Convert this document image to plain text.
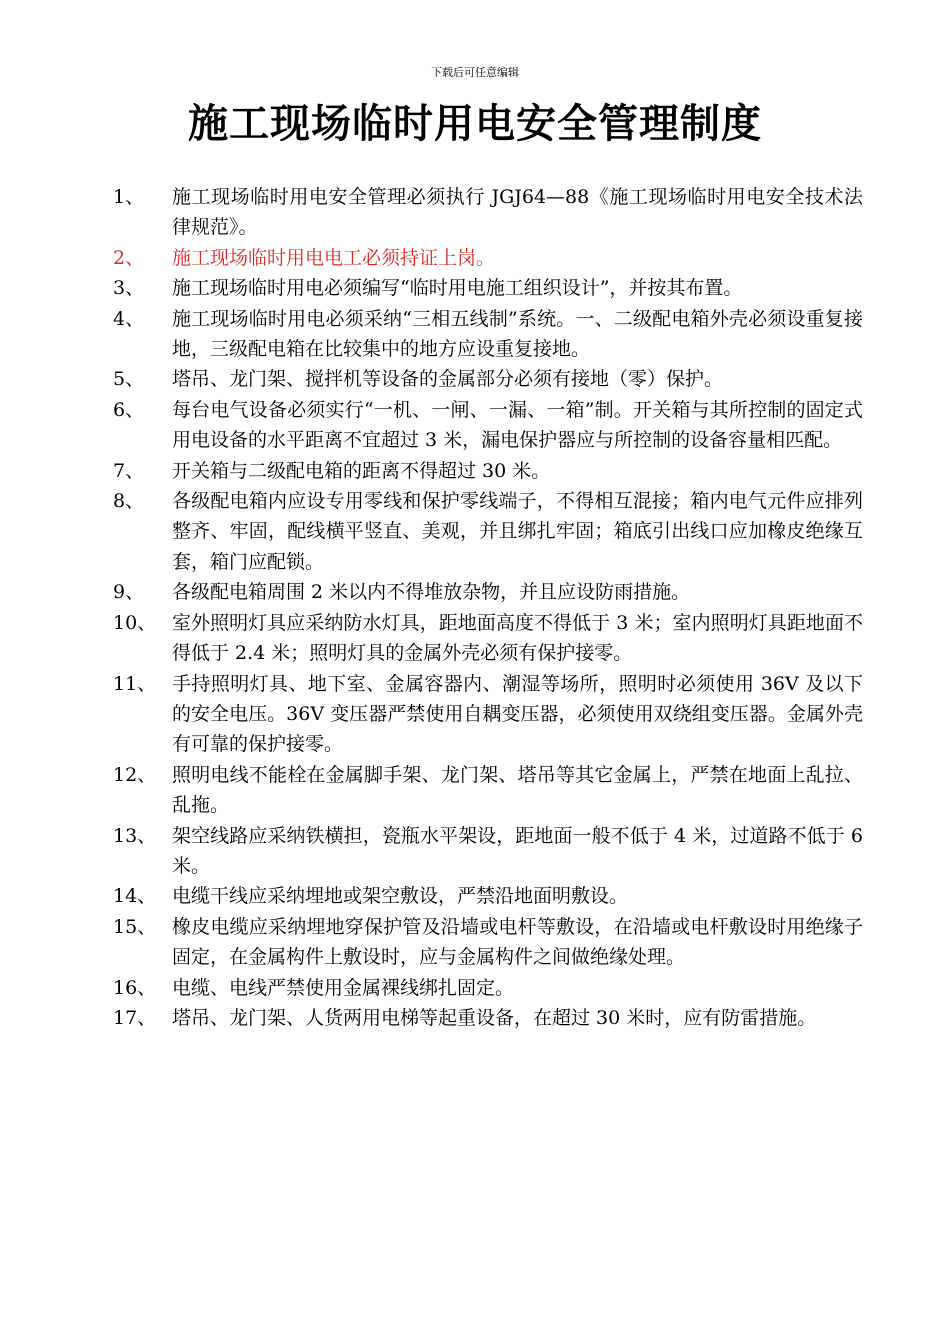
下载后可任意编辑
施工现场临时用电安全管理制度
1、	施工现场临时用电安全管理必须执行 JGJ64—88《施工现场临时用电安全技术法律规范》。
2、	施工现场临时用电电工必须持证上岗。
3、	施工现场临时用电必须编写“临时用电施工组织设计”，并按其布置。
4、	施工现场临时用电必须采纳“三相五线制”系统。一、二级配电箱外壳必须设重复接地，三级配电箱在比较集中的地方应设重复接地。
5、	塔吊、龙门架、搅拌机等设备的金属部分必须有接地（零）保护。
6、	每台电气设备必须实行“一机、一闸、一漏、一箱”制。开关箱与其所控制的固定式用电设备的水平距离不宜超过 3 米，漏电保护器应与所控制的设备容量相匹配。
7、	开关箱与二级配电箱的距离不得超过 30 米。
8、	各级配电箱内应设专用零线和保护零线端子，不得相互混接；箱内电气元件应排列整齐、牢固，配线横平竖直、美观，并且绑扎牢固；箱底引出线口应加橡皮绝缘互套，箱门应配锁。
9、	各级配电箱周围 2 米以内不得堆放杂物，并且应设防雨措施。
10、 室外照明灯具应采纳防水灯具，距地面高度不得低于 3 米；室内照明灯具距地面不得低于 2.4 米；照明灯具的金属外壳必须有保护接零。
11、 手持照明灯具、地下室、金属容器内、潮湿等场所，照明时必须使用 36V 及以下的安全电压。36V 变压器严禁使用自耦变压器，必须使用双绕组变压器。金属外壳有可靠的保护接零。
12、 照明电线不能栓在金属脚手架、龙门架、塔吊等其它金属上，严禁在地面上乱拉、乱拖。
13、 架空线路应采纳铁横担，瓷瓶水平架设，距地面一般不低于 4 米，过道路不低于 6 米。
14、 电缆干线应采纳埋地或架空敷设，严禁沿地面明敷设。
15、 橡皮电缆应采纳埋地穿保护管及沿墙或电杆等敷设，在沿墙或电杆敷设时用绝缘子固定，在金属构件上敷设时，应与金属构件之间做绝缘处理。
16、 电缆、电线严禁使用金属裸线绑扎固定。
17、 塔吊、龙门架、人货两用电梯等起重设备，在超过 30 米时，应有防雷措施。
